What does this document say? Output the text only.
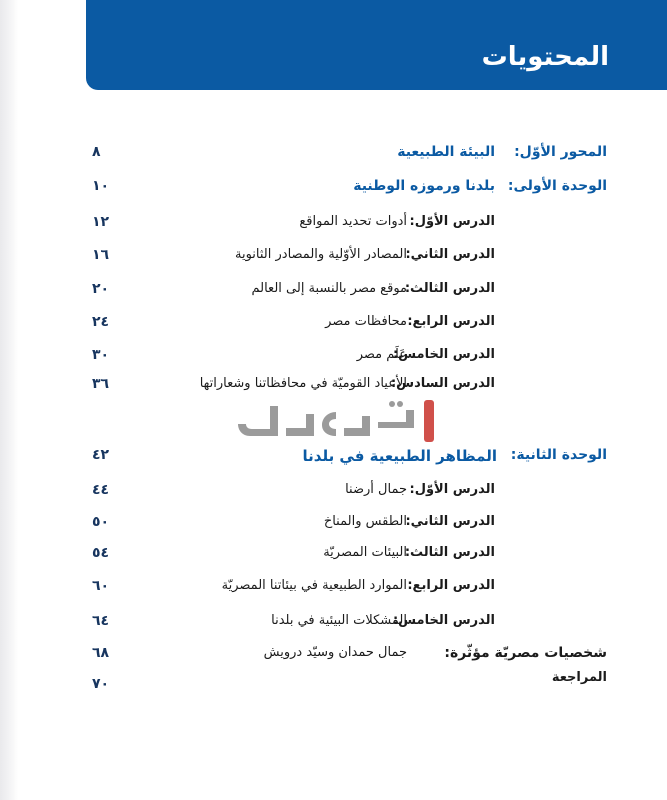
المحتويات
المحور الأوّل:
البيئة الطبيعية
٨
الوحدة الأولى:
بلدنا ورموزه الوطنية
١٠
الدرس الأوّل:
أدوات تحديد المواقع
١٢
الدرس الثاني:
المصادر الأوّلية والمصادر الثانوية
١٦
الدرس الثالث:
موقع مصر بالنسبة إلى العالم
٢٠
الدرس الرابع:
محافظات مصر
٢٤
الدرس الخامس:
عَلَم مصر
٣٠
الدرس السادس:
الأعياد القوميّة في محافظاتنا وشعاراتها
٣٦
الوحدة الثانية:
المظاهر الطبيعية في بلدنا
٤٢
الدرس الأوّل:
جمال أرضنا
٤٤
الدرس الثاني:
الطقس والمناخ
٥٠
الدرس الثالث:
البيئات المصريّة
٥٤
الدرس الرابع:
الموارد الطبيعية في بيئاتنا المصريّة
٦٠
الدرس الخامس:
المشكلات البيئية في بلدنا
٦٤
شخصيات مصريّة مؤثّرة:
جمال حمدان وسيّد درويش
٦٨
المراجعة
٧٠
